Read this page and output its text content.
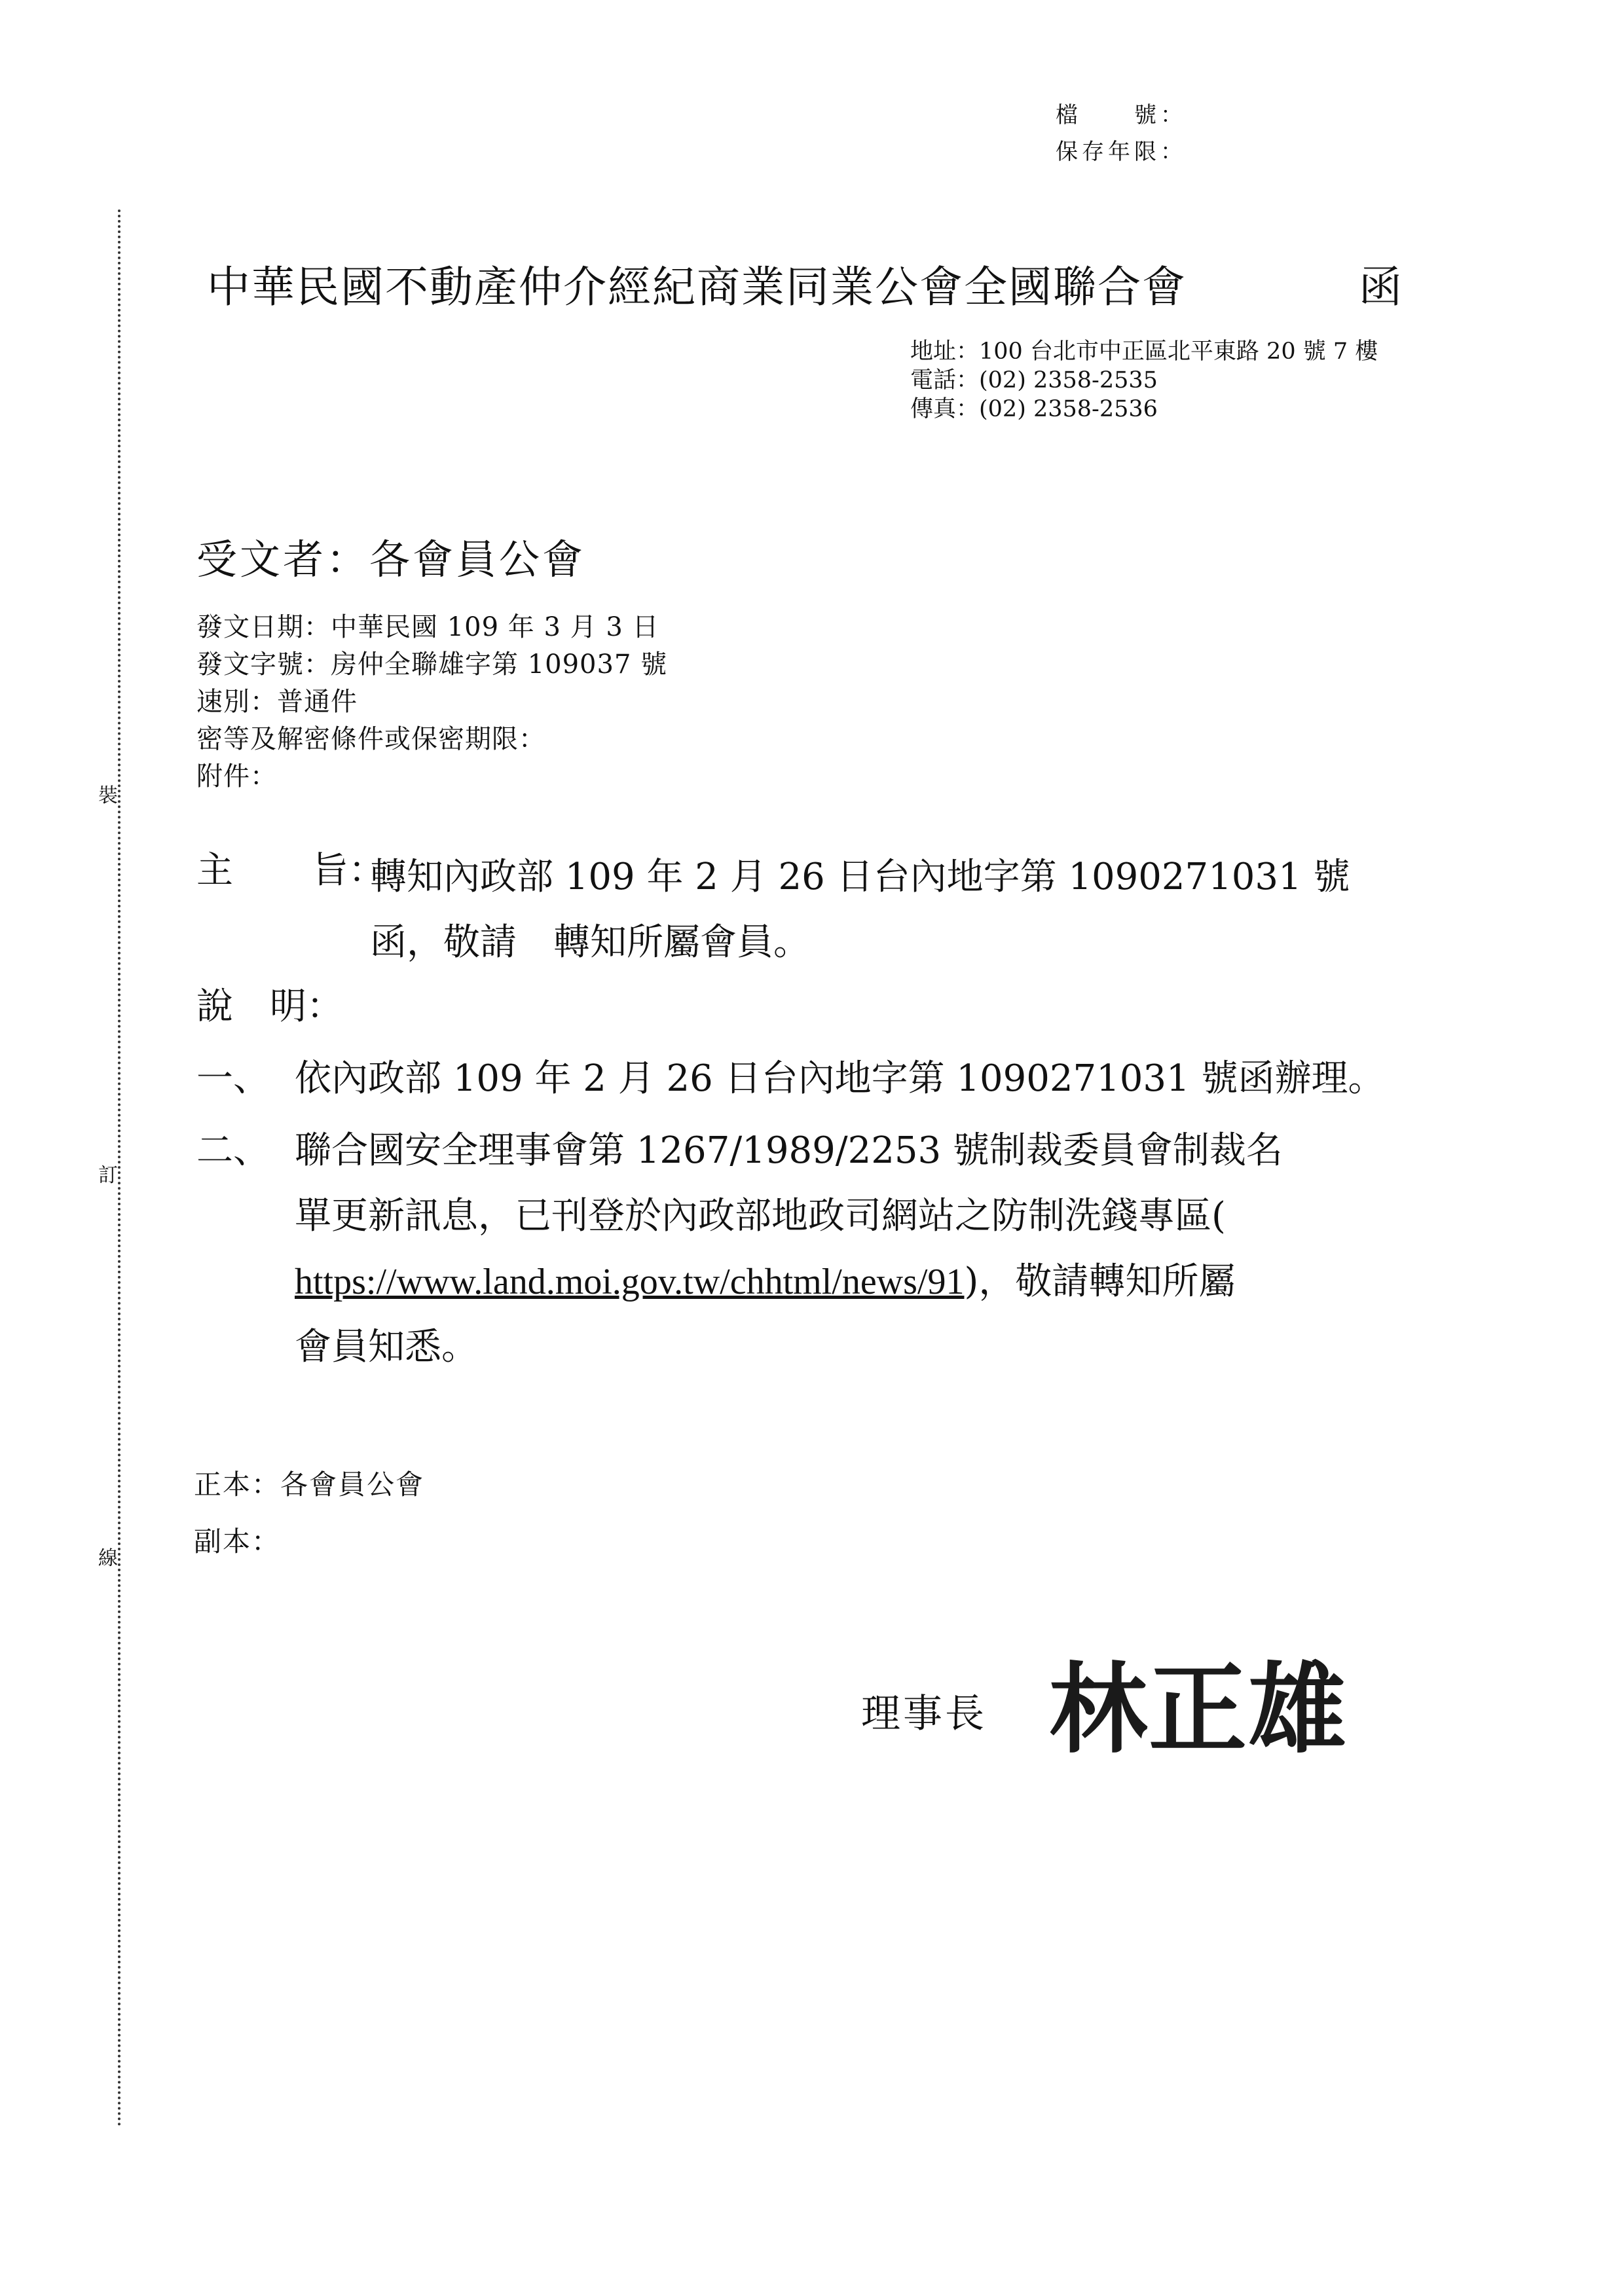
檔　　號：
保存年限：
裝
訂
線
中華民國不動產仲介經紀商業同業公會全國聯合會	函
地址：100 台北市中正區北平東路 20 號 7 樓
電話：(02) 2358-2535
傳真：(02) 2358-2536
受文者：各會員公會
發文日期：中華民國 109 年 3 月 3 日
發文字號：房仲全聯雄字第 109037 號
速別：普通件
密等及解密條件或保密期限：
附件：
主 旨：
轉知內政部 109 年 2 月 26 日台內地字第 1090271031 號
函，敬請　轉知所屬會員。
說　明：
一、 依內政部 109 年 2 月 26 日台內地字第 1090271031 號函辦理。
二、 聯合國安全理事會第 1267/1989/2253 號制裁委員會制裁名
單更新訊息，已刊登於內政部地政司網站之防制洗錢專區(
https://www.land.moi.gov.tw/chhtml/news/91)，敬請轉知所屬
會員知悉。
正本：各會員公會
副本：
理事長 林正雄
